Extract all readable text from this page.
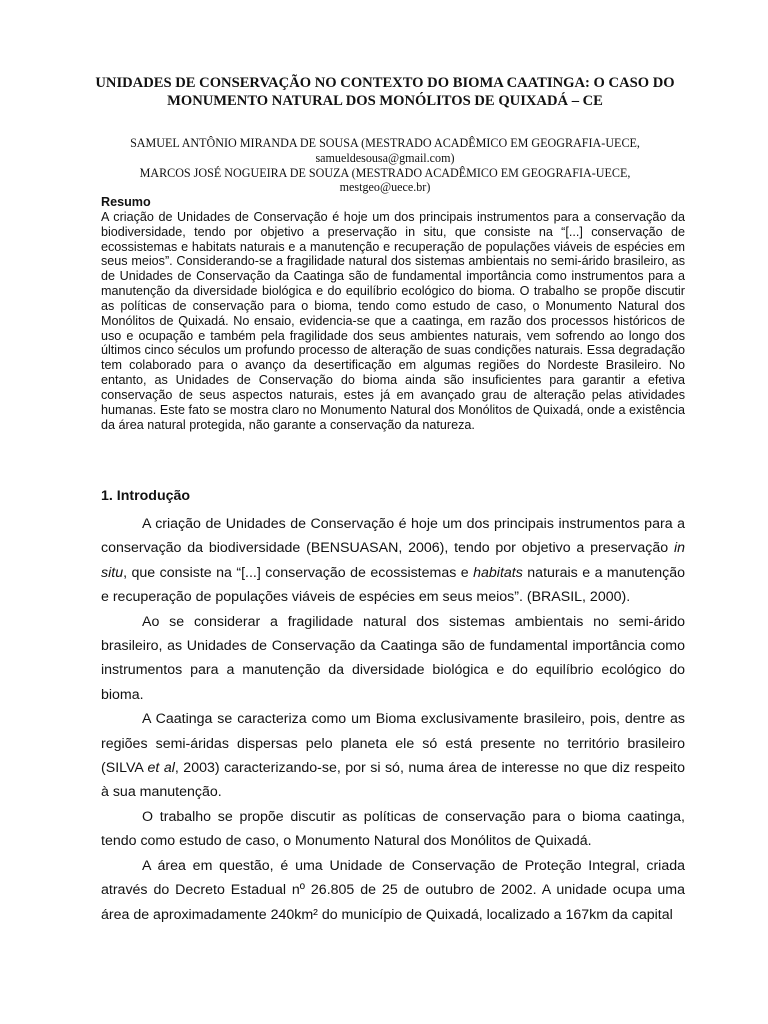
UNIDADES DE CONSERVAÇÃO NO CONTEXTO DO BIOMA CAATINGA: O CASO DO
MONUMENTO NATURAL DOS MONÓLITOS DE QUIXADÁ – CE
SAMUEL ANTÔNIO MIRANDA DE SOUSA (MESTRADO ACADÊMICO EM GEOGRAFIA-UECE,
samueldesousa@gmail.com)
MARCOS JOSÉ NOGUEIRA DE SOUZA (MESTRADO ACADÊMICO EM GEOGRAFIA-UECE,
mestgeo@uece.br)
Resumo
A criação de Unidades de Conservação é hoje um dos principais instrumentos para a conservação da biodiversidade, tendo por objetivo a preservação in situ, que consiste na “[...] conservação de ecossistemas e habitats naturais e a manutenção e recuperação de populações viáveis de espécies em seus meios”. Considerando-se a fragilidade natural dos sistemas ambientais no semi-árido brasileiro, as de Unidades de Conservação da Caatinga são de fundamental importância como instrumentos para a manutenção da diversidade biológica e do equilíbrio ecológico do bioma. O trabalho se propõe discutir as políticas de conservação para o bioma, tendo como estudo de caso, o Monumento Natural dos Monólitos de Quixadá. No ensaio, evidencia-se que a caatinga, em razão dos processos históricos de uso e ocupação e também pela fragilidade dos seus ambientes naturais, vem sofrendo ao longo dos últimos cinco séculos um profundo processo de alteração de suas condições naturais. Essa degradação tem colaborado para o avanço da desertificação em algumas regiões do Nordeste Brasileiro. No entanto, as Unidades de Conservação do bioma ainda são insuficientes para garantir a efetiva conservação de seus aspectos naturais, estes já em avançado grau de alteração pelas atividades humanas. Este fato se mostra claro no Monumento Natural dos Monólitos de Quixadá, onde a existência da área natural protegida, não garante a conservação da natureza.
1. Introdução

A criação de Unidades de Conservação é hoje um dos principais instrumentos para a conservação da biodiversidade (BENSUASAN, 2006), tendo por objetivo a preservação in situ, que consiste na “[...] conservação de ecossistemas e habitats naturais e a manutenção e recuperação de populações viáveis de espécies em seus meios”. (BRASIL, 2000).

Ao se considerar a fragilidade natural dos sistemas ambientais no semi-árido brasileiro, as Unidades de Conservação da Caatinga são de fundamental importância como instrumentos para a manutenção da diversidade biológica e do equilíbrio ecológico do bioma.

A Caatinga se caracteriza como um Bioma exclusivamente brasileiro, pois, dentre as regiões semi-áridas dispersas pelo planeta ele só está presente no território brasileiro (SILVA et al, 2003) caracterizando-se, por si só, numa área de interesse no que diz respeito à sua manutenção.

O trabalho se propõe discutir as políticas de conservação para o bioma caatinga, tendo como estudo de caso, o Monumento Natural dos Monólitos de Quixadá.

A área em questão, é uma Unidade de Conservação de Proteção Integral, criada através do Decreto Estadual nº 26.805 de 25 de outubro de 2002. A unidade ocupa uma área de aproximadamente 240km² do município de Quixadá, localizado a 167km da capital
